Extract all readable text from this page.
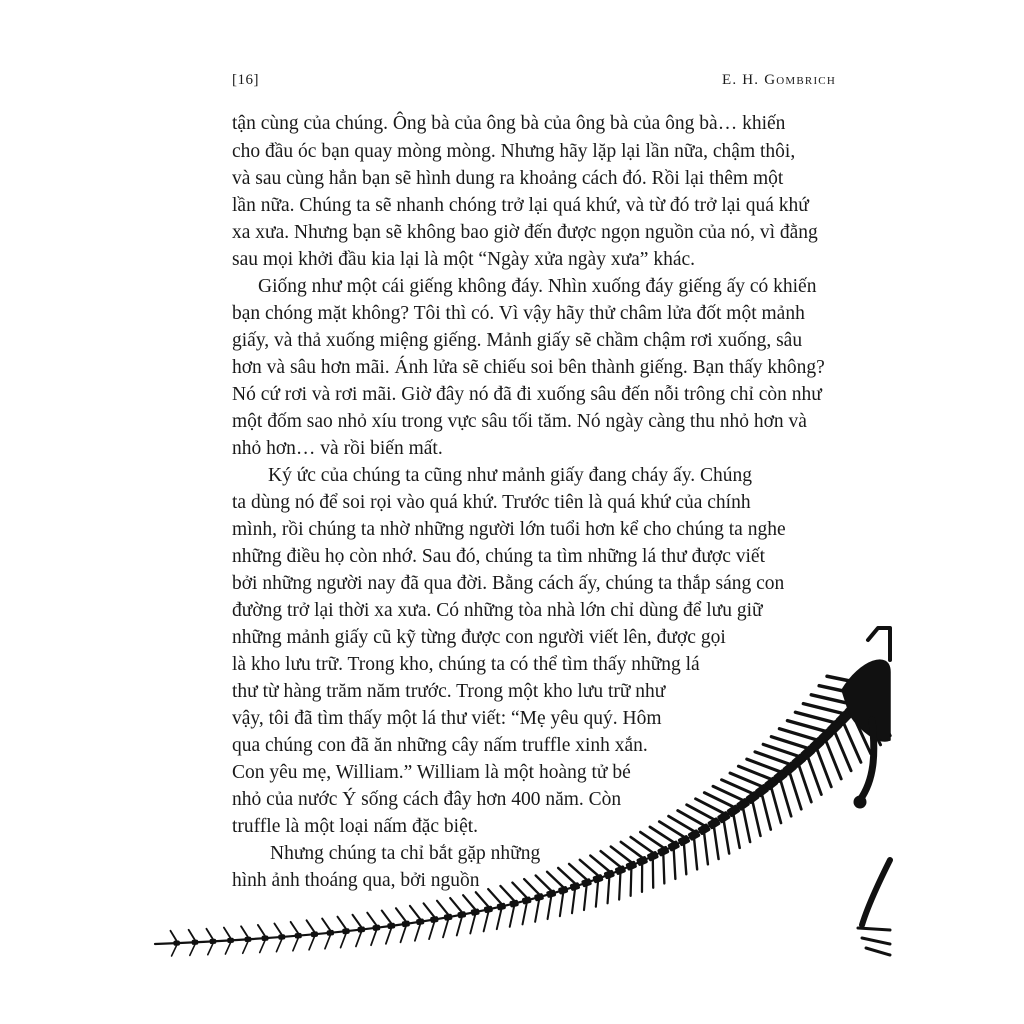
[16]	E. H. Gombrich
tận cùng của chúng. Ông bà của ông bà của ông bà của ông bà… khiến
cho đầu óc bạn quay mòng mòng. Nhưng hãy lặp lại lần nữa, chậm thôi,
và sau cùng hẳn bạn sẽ hình dung ra khoảng cách đó. Rồi lại thêm một
lần nữa. Chúng ta sẽ nhanh chóng trở lại quá khứ, và từ đó trở lại quá khứ
xa xưa. Nhưng bạn sẽ không bao giờ đến được ngọn nguồn của nó, vì đằng
sau mọi khởi đầu kia lại là một “Ngày xửa ngày xưa” khác.
Giống như một cái giếng không đáy. Nhìn xuống đáy giếng ấy có khiến
bạn chóng mặt không? Tôi thì có. Vì vậy hãy thử châm lửa đốt một mảnh
giấy, và thả xuống miệng giếng. Mảnh giấy sẽ chầm chậm rơi xuống, sâu
hơn và sâu hơn mãi. Ánh lửa sẽ chiếu soi bên thành giếng. Bạn thấy không?
Nó cứ rơi và rơi mãi. Giờ đây nó đã đi xuống sâu đến nỗi trông chỉ còn như
một đốm sao nhỏ xíu trong vực sâu tối tăm. Nó ngày càng thu nhỏ hơn và
nhỏ hơn… và rồi biến mất.
Ký ức của chúng ta cũng như mảnh giấy đang cháy ấy. Chúng
ta dùng nó để soi rọi vào quá khứ. Trước tiên là quá khứ của chính
mình, rồi chúng ta nhờ những người lớn tuổi hơn kể cho chúng ta nghe
những điều họ còn nhớ. Sau đó, chúng ta tìm những lá thư được viết
bởi những người nay đã qua đời. Bằng cách ấy, chúng ta thắp sáng con
đường trở lại thời xa xưa. Có những tòa nhà lớn chỉ dùng để lưu giữ
những mảnh giấy cũ kỹ từng được con người viết lên, được gọi
là kho lưu trữ. Trong kho, chúng ta có thể tìm thấy những lá
thư từ hàng trăm năm trước. Trong một kho lưu trữ như
vậy, tôi đã tìm thấy một lá thư viết: “Mẹ yêu quý. Hôm
qua chúng con đã ăn những cây nấm truffle xinh xắn.
Con yêu mẹ, William.” William là một hoàng tử bé
nhỏ của nước Ý sống cách đây hơn 400 năm. Còn
truffle là một loại nấm đặc biệt.
Nhưng chúng ta chỉ bắt gặp những
hình ảnh thoáng qua, bởi nguồn
